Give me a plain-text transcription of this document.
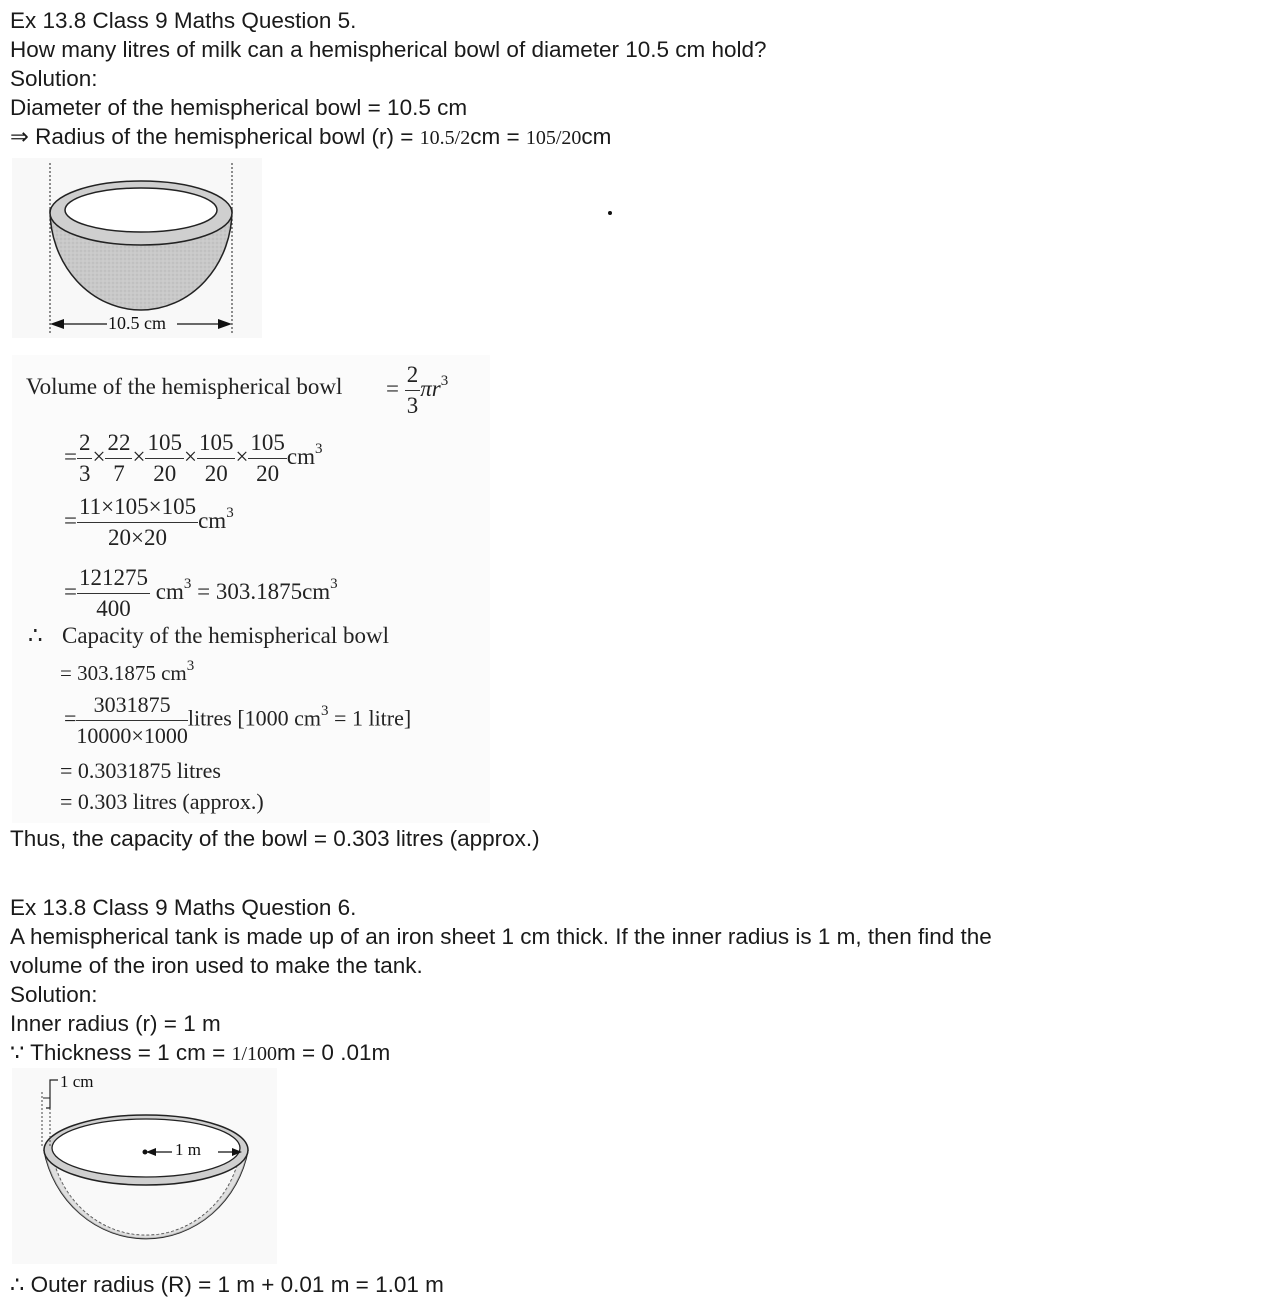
Ex 13.8 Class 9 Maths Question 5.
How many litres of milk can a hemispherical bowl of diameter 10.5 cm hold?
Solution:
Diameter of the hemispherical bowl = 10.5 cm
⇒ Radius of the hemispherical bowl (r) = 10.5/2cm = 105/20cm
10.5 cm
Volume of the hemispherical bowl = $\frac{2}{3} \pi r^3$
= $\frac{2}{3} \times \frac{22}{7} \times \frac{105}{20} \times \frac{105}{20} \times \frac{105}{20} cm^3$
= $\frac{11\times 105\times 105}{20\times 20} cm^3$
= $\frac{121275}{400} cm^3 = 303.1875cm^3$
∴ Capacity of the hemispherical bowl
= 303.1875 $cm^3$
= $\frac{3031875}{10000\times 1000}$ litres [1000 $cm^3 = 1$ litre]
= 0.3031875 litres
= 0.303 litres (approx.)
Thus, the capacity of the bowl = 0.303 litres (approx.)
Ex 13.8 Class 9 Maths Question 6.
A hemispherical tank is made up of an iron sheet 1 cm thick. If the inner radius is 1 m, then find the
volume of the iron used to make the tank.
Solution:
Inner radius (r) = 1 m
∵ Thickness = 1 cm = 1/100m = 0 .01m
1 cm
1 m
∴ Outer radius (R) = 1 m + 0.01 m = 1.01 m
